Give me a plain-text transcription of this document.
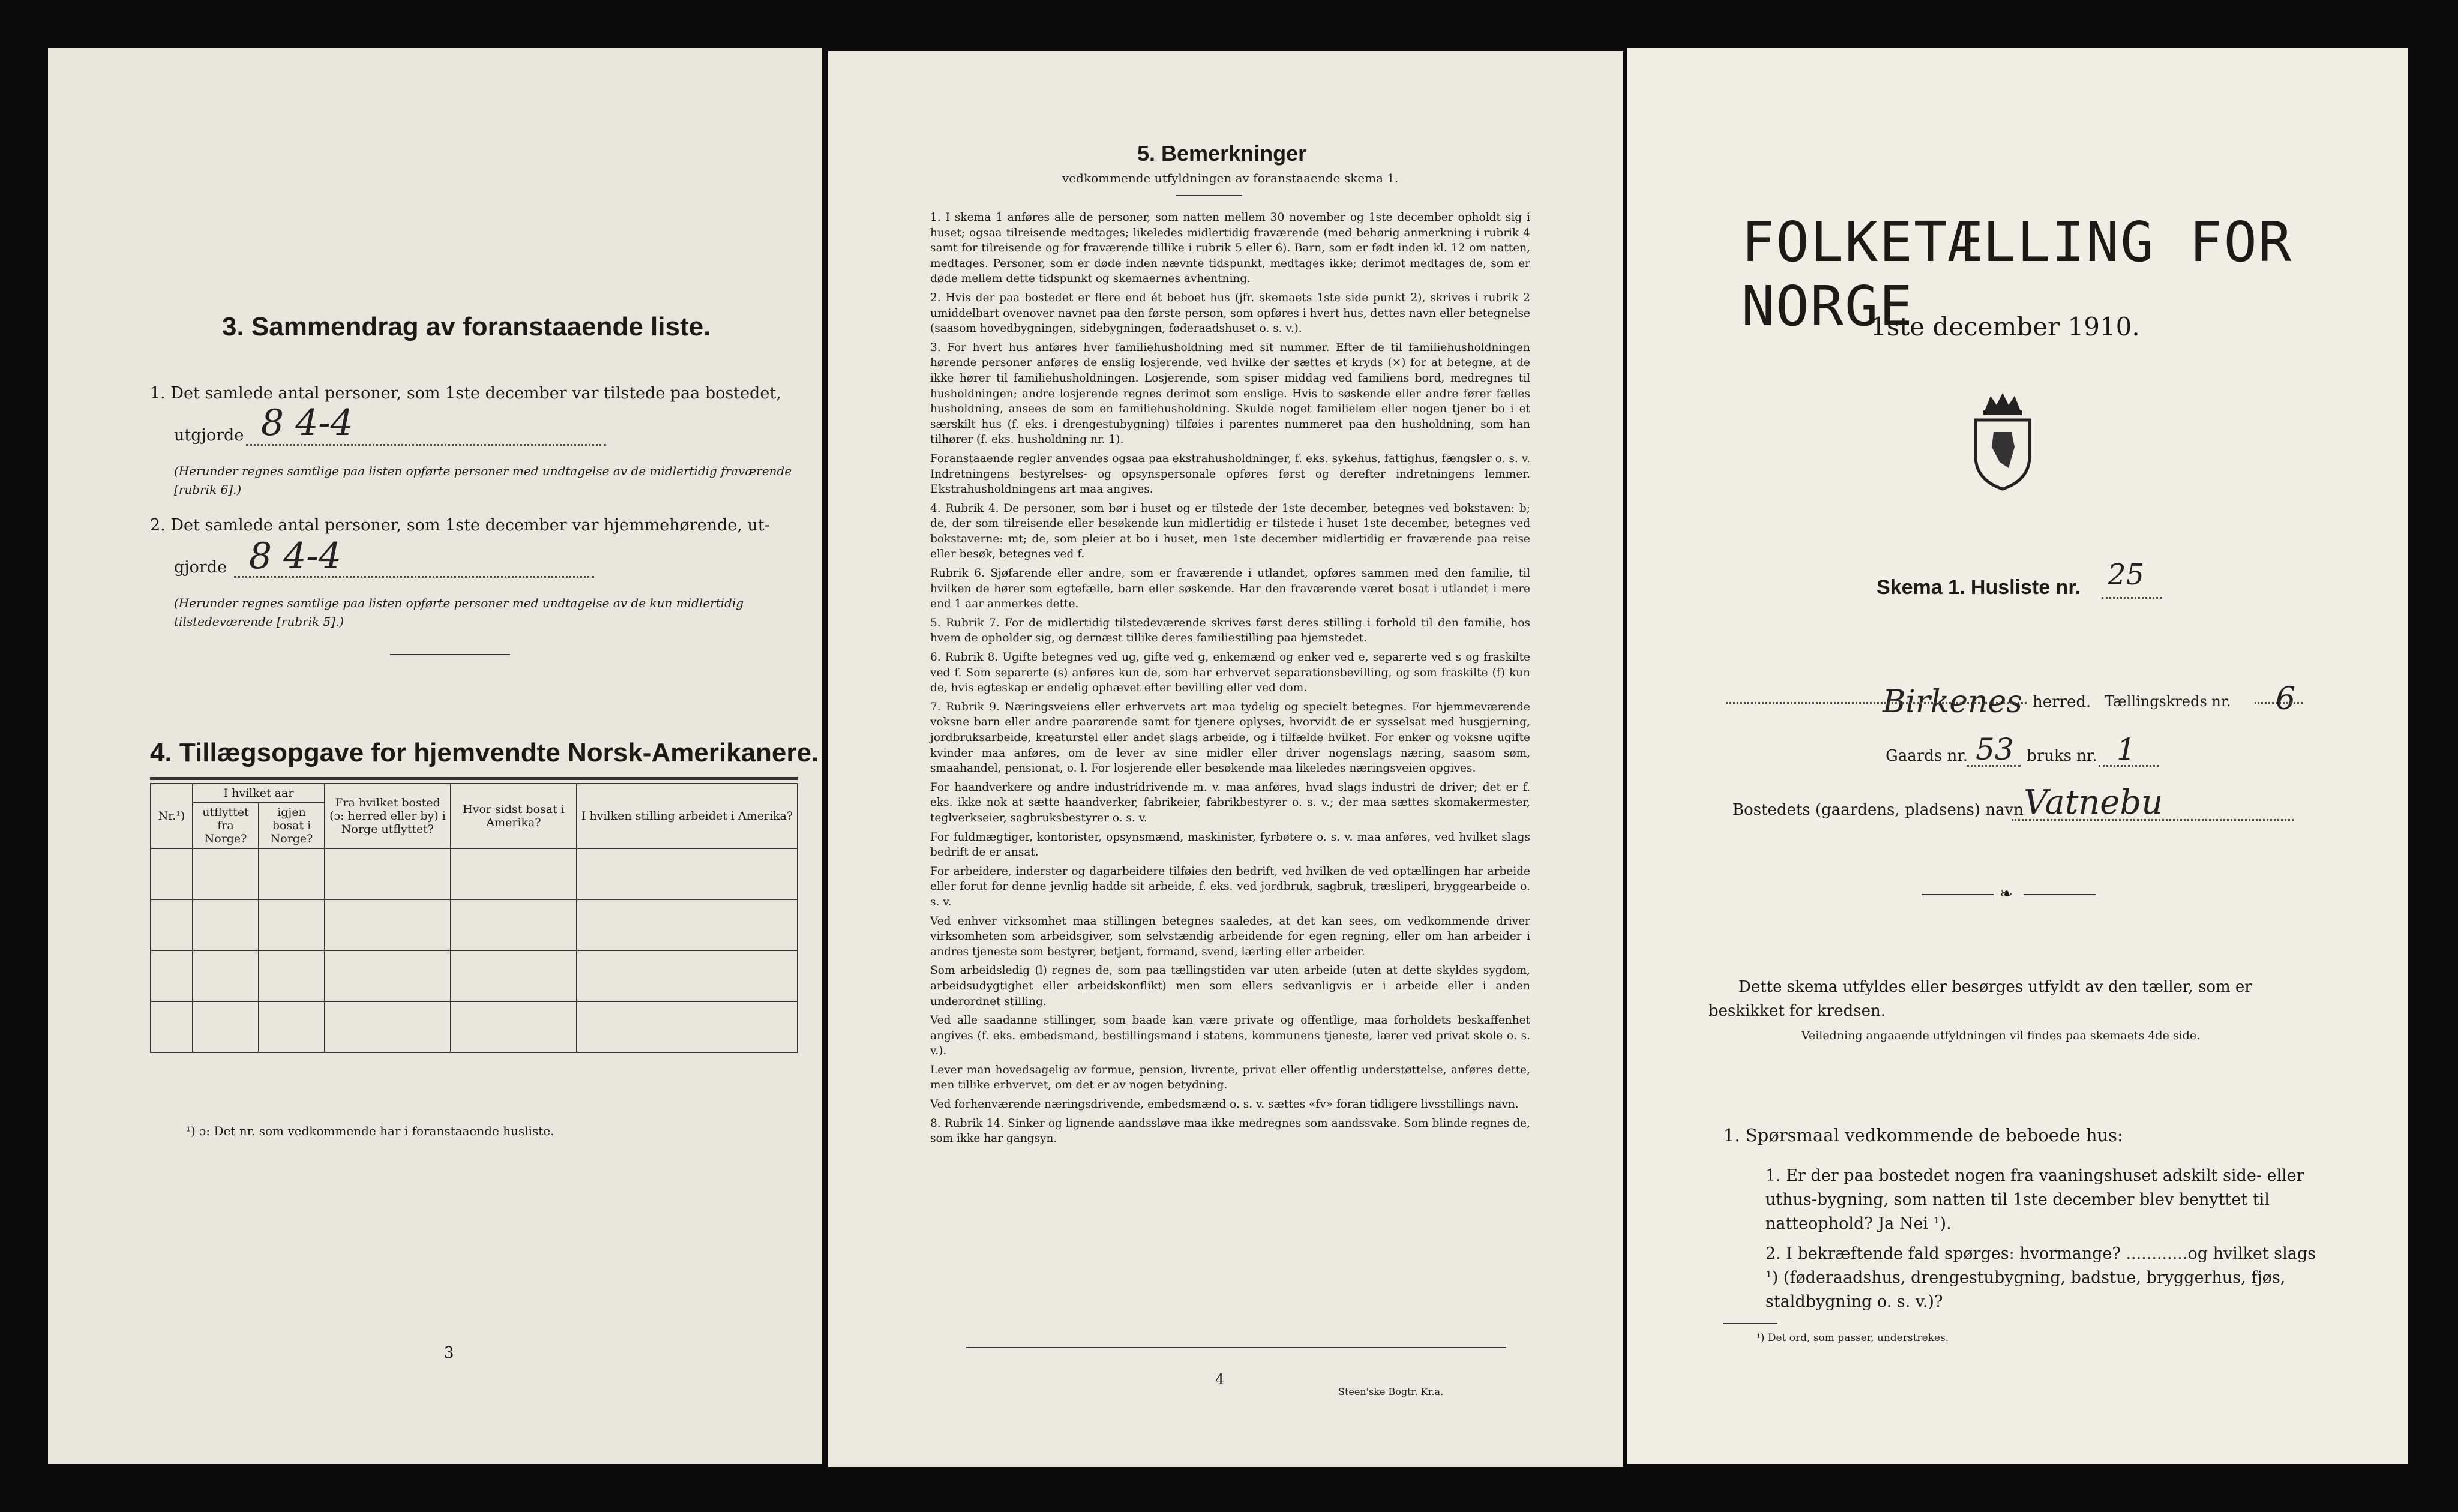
3. Sammendrag av foranstaaende liste.
1. Det samlede antal personer, som 1ste december var tilstede paa bostedet,
utgjorde 8 4-4
(Herunder regnes samtlige paa listen opførte personer med undtagelse av de midlertidig fraværende [rubrik 6].)
2. Det samlede antal personer, som 1ste december var hjemmehørende, ut-
gjorde 8 4-4
(Herunder regnes samtlige paa listen opførte personer med undtagelse av de kun midlertidig tilstedeværende [rubrik 5].)
4. Tillægsopgave for hjemvendte Norsk-Amerikanere.
Nr.¹)	I hvilket aar		Fra hvilket bosted (ɔ: herred eller by) i Norge utflyttet?	Hvor sidst bosat i Amerika?	I hvilken stilling arbeidet i Amerika?
	utflyttet fra Norge?	igjen bosat i Norge?			

¹) ɔ: Det nr. som vedkommende har i foranstaaende husliste.
3
5. Bemerkninger
vedkommende utfyldningen av foranstaaende skema 1.

1. I skema 1 anføres alle de personer, som natten mellem 30 november og 1ste december opholdt sig i huset; ogsaa tilreisende medtages; likeledes midlertidig fraværende (med behørig anmerkning i rubrik 4 samt for tilreisende og for fraværende tillike i rubrik 5 eller 6). Barn, som er født inden kl. 12 om natten, medtages. Personer, som er døde inden nævnte tidspunkt, medtages ikke; derimot medtages de, som er døde mellem dette tidspunkt og skemaernes avhentning.

2. Hvis der paa bostedet er flere end ét beboet hus (jfr. skemaets 1ste side punkt 2), skrives i rubrik 2 umiddelbart ovenover navnet paa den første person, som opføres i hvert hus, dettes navn eller betegnelse (saasom hovedbygningen, sidebygningen, føderaadshuset o. s. v.).

3. For hvert hus anføres hver familiehusholdning med sit nummer. Efter de til familiehusholdningen hørende personer anføres de enslig losjerende, ved hvilke der sættes et kryds (×) for at betegne, at de ikke hører til familiehusholdningen. Losjerende, som spiser middag ved familiens bord, medregnes til husholdningen; andre losjerende regnes derimot som enslige. Hvis to søskende eller andre fører fælles husholdning, ansees de som en familiehusholdning. Skulde noget familielem eller nogen tjener bo i et særskilt hus (f. eks. i drengestubygning) tilføies i parentes nummeret paa den husholdning, som han tilhører (f. eks. husholdning nr. 1).

Foranstaaende regler anvendes ogsaa paa ekstrahusholdninger, f. eks. sykehus, fattighus, fængsler o. s. v. Indretningens bestyrelses- og opsynspersonale opføres først og derefter indretningens lemmer. Ekstrahusholdningens art maa angives.

4. Rubrik 4. De personer, som bør i huset og er tilstede der 1ste december, betegnes ved bokstaven: b; de, der som tilreisende eller besøkende kun midlertidig er tilstede i huset 1ste december, betegnes ved bokstaverne: mt; de, som pleier at bo i huset, men 1ste december midlertidig er fraværende paa reise eller besøk, betegnes ved f.

Rubrik 6. Sjøfarende eller andre, som er fraværende i utlandet, opføres sammen med den familie, til hvilken de hører som egtefælle, barn eller søskende. Har den fraværende været bosat i utlandet i mere end 1 aar anmerkes dette.

5. Rubrik 7. For de midlertidig tilstedeværende skrives først deres stilling i forhold til den familie, hos hvem de opholder sig, og dernæst tillike deres familiestilling paa hjemstedet.

6. Rubrik 8. Ugifte betegnes ved ug, gifte ved g, enkemænd og enker ved e, separerte ved s og fraskilte ved f. Som separerte (s) anføres kun de, som har erhvervet separationsbevilling, og som fraskilte (f) kun de, hvis egteskap er endelig ophævet efter bevilling eller ved dom.

7. Rubrik 9. Næringsveiens eller erhvervets art maa tydelig og specielt betegnes. For hjemmeværende voksne barn eller andre paarørende samt for tjenere oplyses, hvorvidt de er sysselsat med husgjerning, jordbruksarbeide, kreaturstel eller andet slags arbeide, og i tilfælde hvilket. For enker og voksne ugifte kvinder maa anføres, om de lever av sine midler eller driver nogenslags næring, saasom søm, smaahandel, pensionat, o. l. For losjerende eller besøkende maa likeledes næringsveien opgives.

For haandverkere og andre industridrivende m. v. maa anføres, hvad slags industri de driver; det er f. eks. ikke nok at sætte haandverker, fabrikeier, fabrikbestyrer o. s. v.; der maa sættes skomakermester, teglverkseier, sagbruksbestyrer o. s. v.

For fuldmægtiger, kontorister, opsynsmænd, maskinister, fyrbøtere o. s. v. maa anføres, ved hvilket slags bedrift de er ansat.

For arbeidere, inderster og dagarbeidere tilføies den bedrift, ved hvilken de ved optællingen har arbeide eller forut for denne jevnlig hadde sit arbeide, f. eks. ved jordbruk, sagbruk, træsliperi, bryggearbeide o. s. v.

Ved enhver virksomhet maa stillingen betegnes saaledes, at det kan sees, om vedkommende driver virksomheten som arbeidsgiver, som selvstændig arbeidende for egen regning, eller om han arbeider i andres tjeneste som bestyrer, betjent, formand, svend, lærling eller arbeider.

Som arbeidsledig (l) regnes de, som paa tællingstiden var uten arbeide (uten at dette skyldes sygdom, arbeidsudygtighet eller arbeidskonflikt) men som ellers sedvanligvis er i arbeide eller i anden underordnet stilling.

Ved alle saadanne stillinger, som baade kan være private og offentlige, maa forholdets beskaffenhet angives (f. eks. embedsmand, bestillingsmand i statens, kommunens tjeneste, lærer ved privat skole o. s. v.).

Lever man hovedsagelig av formue, pension, livrente, privat eller offentlig understøttelse, anføres dette, men tillike erhvervet, om det er av nogen betydning.

Ved forhenværende næringsdrivende, embedsmænd o. s. v. sættes «fv» foran tidligere livsstillings navn.

8. Rubrik 14. Sinker og lignende aandssløve maa ikke medregnes som aandssvake. Som blinde regnes de, som ikke har gangsyn.

4
Steen'ske Bogtr. Kr.a.
FOLKETÆLLING FOR NORGE
1ste december 1910.
Skema 1. Husliste nr. 25
Birkenes herred. Tællingskreds nr. 6
Gaards nr. 53 bruks nr. 1
Bostedets (gaardens, pladsens) navn Vatnebu
❧
Dette skema utfyldes eller besørges utfyldt av den tæller, som er beskikket for kredsen.
Veiledning angaaende utfyldningen vil findes paa skemaets 4de side.
1. Spørsmaal vedkommende de beboede hus:
1. Er der paa bostedet nogen fra vaaningshuset adskilt side- eller uthus-bygning, som natten til 1ste december blev benyttet til natteophold? Ja Nei ¹).
2. I bekræftende fald spørges: hvormange? ............og hvilket slags ¹) (føderaadshus, drengestubygning, badstue, bryggerhus, fjøs, staldbygning o. s. v.)?
¹) Det ord, som passer, understrekes.
